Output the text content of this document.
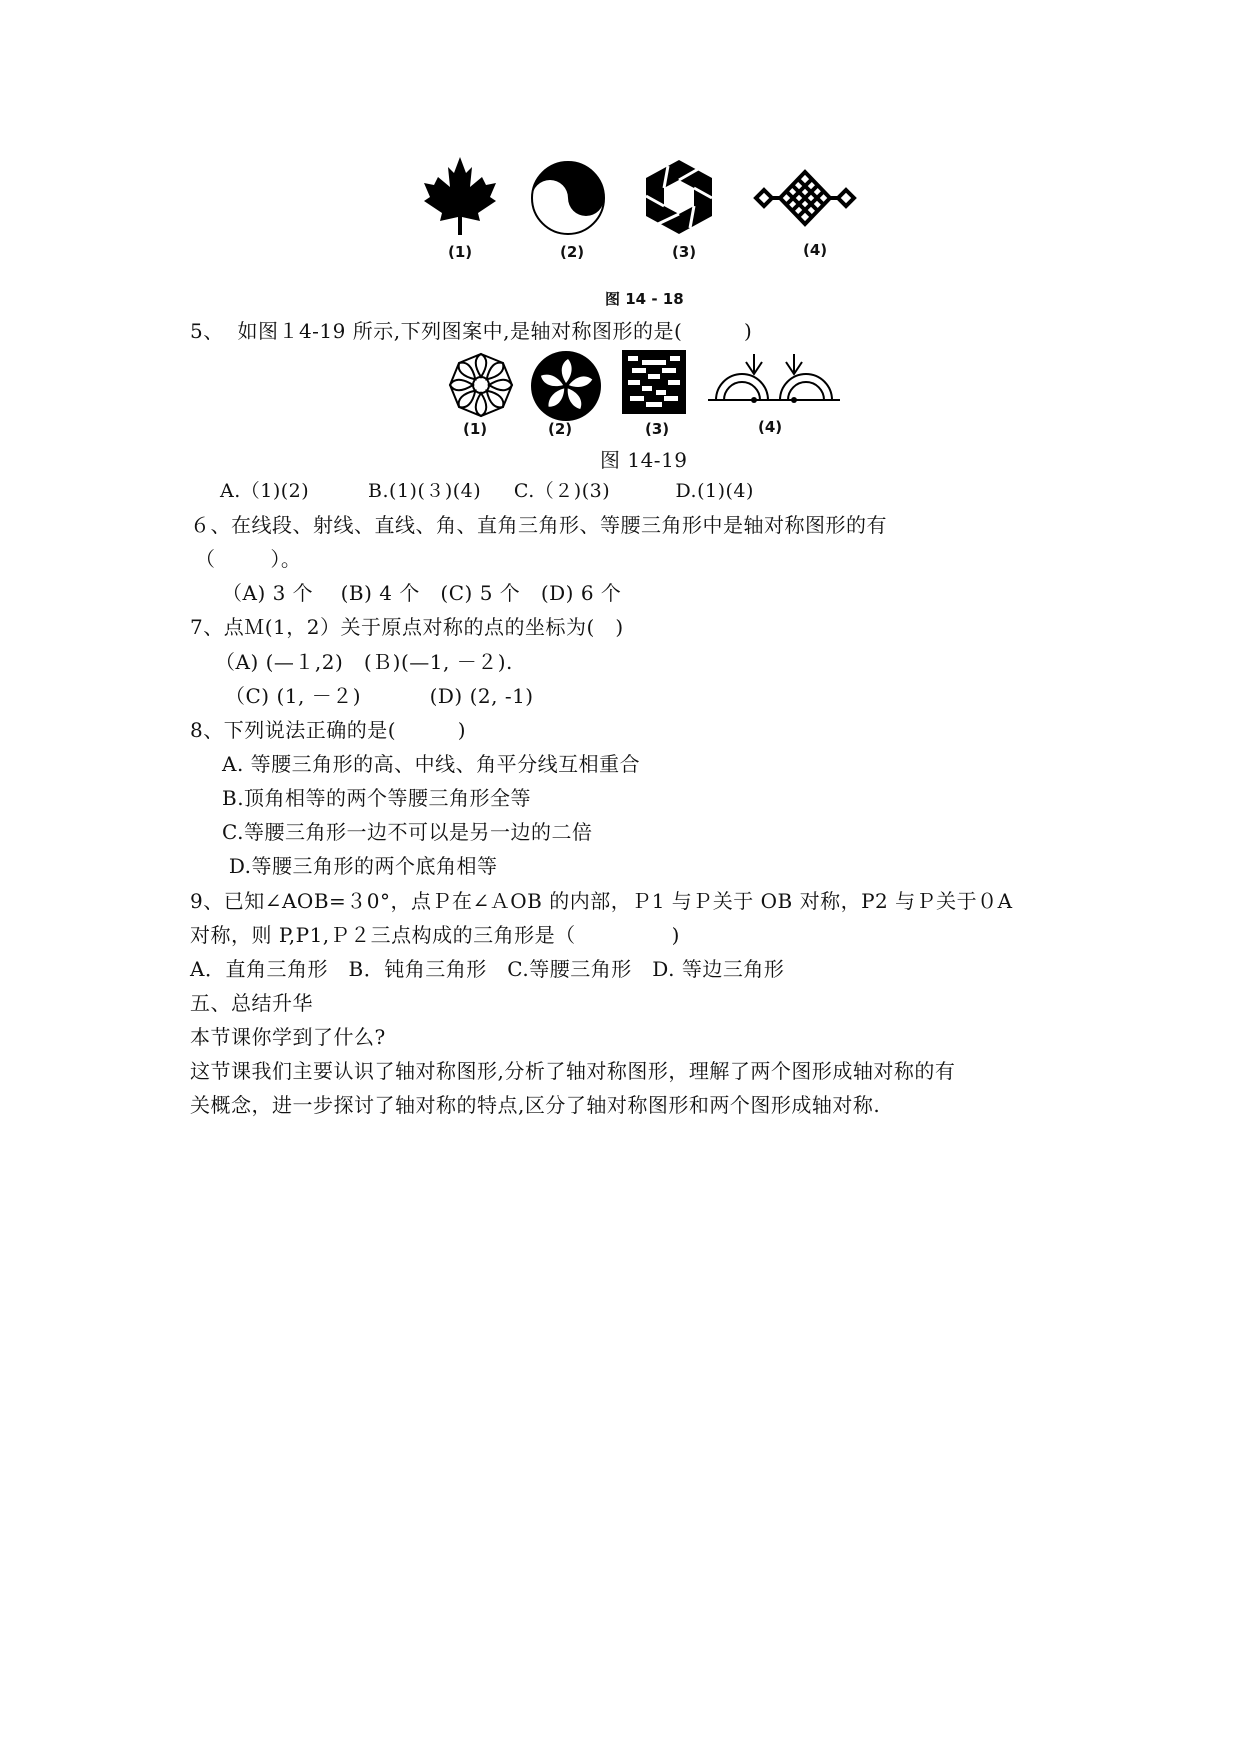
(1)	(2)	(3)	(4)
图 14 - 18
5、  如图１4-19 所示,下列图案中,是轴对称图形的是(         )
(1)	(2)	(3)	(4)
图 14-19
A.（1)(2)         B.(1)(３)(4)     C.（２)(3)          D.(1)(4)
６、在线段、射线、直线、角、直角三角形、等腰三角形中是轴对称图形的有
（        ）。
（A) 3 个    (B) 4 个   (C) 5 个   (D) 6 个
7、点Ｍ(1，2）关于原点对称的点的坐标为(   )
（A) (—１,2)   (Ｂ)(—1, －２).
（C) (1, －２)          (D) (2, -1)
8、下列说法正确的是(         )
A. 等腰三角形的高、中线、角平分线互相重合
B.顶角相等的两个等腰三角形全等
C.等腰三角形一边不可以是另一边的二倍
D.等腰三角形的两个底角相等
9、已知∠AOB=３0°，点Ｐ在∠ＡOB 的内部，Ｐ1 与Ｐ关于 OB 对称，P2 与Ｐ关于０A
对称，则 P,P1,Ｐ２三点构成的三角形是（              )
A．直角三角形   B．钝角三角形   C.等腰三角形   D. 等边三角形
五、总结升华
本节课你学到了什么?
这节课我们主要认识了轴对称图形,分析了轴对称图形，理解了两个图形成轴对称的有
关概念，进一步探讨了轴对称的特点,区分了轴对称图形和两个图形成轴对称.
